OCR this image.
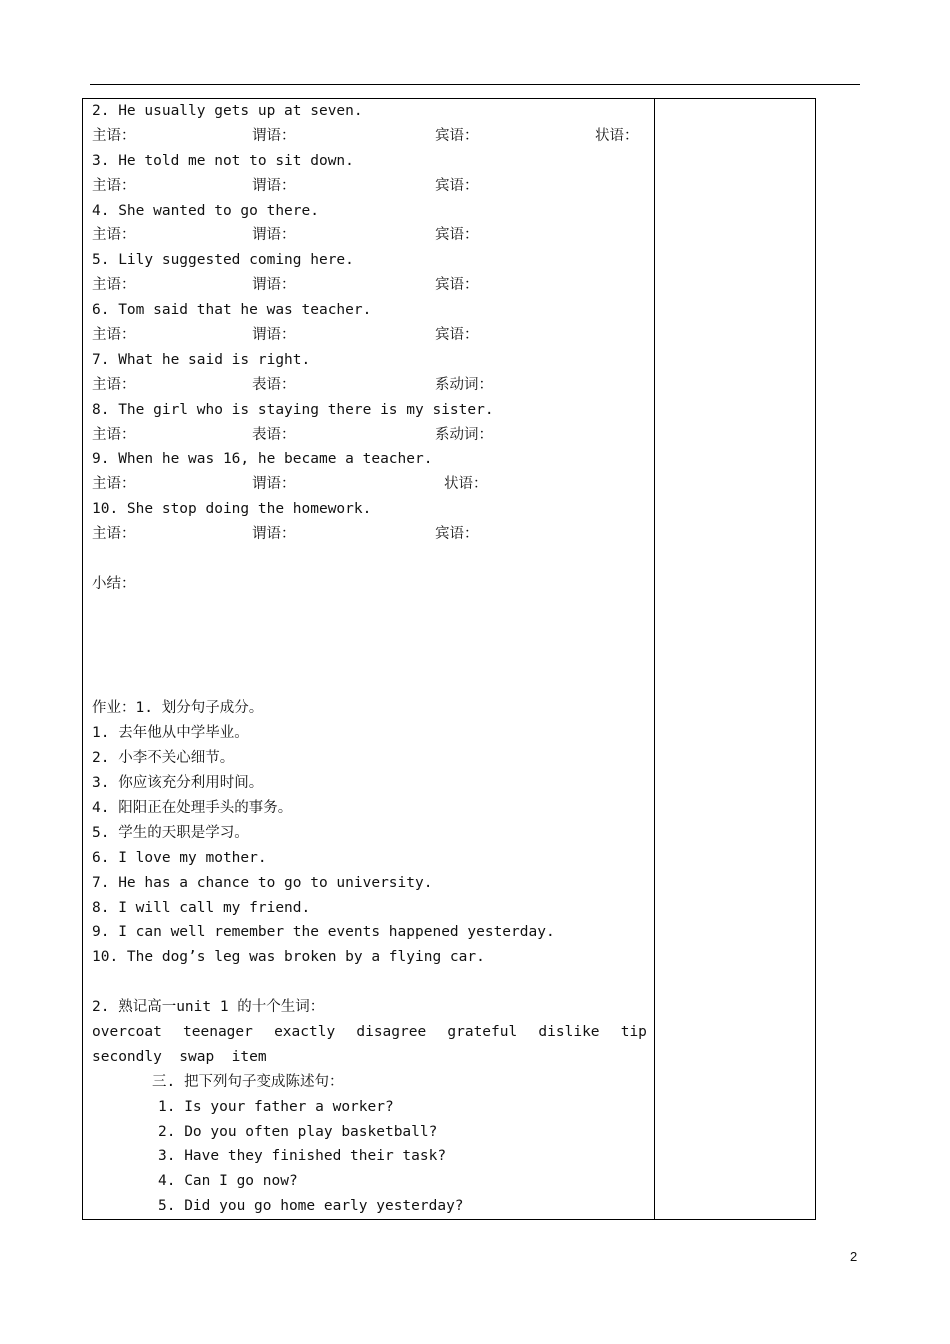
2. He usually gets up at seven.
主语：	谓语：	宾语：	状语：
3. He told me not to sit down.
主语：	谓语：	宾语：
4. She wanted to go there.
主语：	谓语：	宾语：
5. Lily suggested coming here.
主语：	谓语：	宾语：
6. Tom said that he was teacher.
主语：	谓语：	宾语：
7. What he said is right.
主语：	表语：	系动词：
8. The girl who is staying there is my sister.
主语：	表语：	系动词：
9. When he was 16, he became a teacher.
主语：	谓语：	状语：
10. She stop doing the homework.
主语：	谓语：	宾语：
小结：
作业：1. 划分句子成分。
1. 去年他从中学毕业。
2. 小李不关心细节。
3. 你应该充分利用时间。
4. 阳阳正在处理手头的事务。
5. 学生的天职是学习。
6. I love my mother.
7. He has a chance to go to university.
8. I will call my friend.
9. I can well remember the events happened yesterday.
10. The dog’s leg was broken by a flying car.
2. 熟记高一unit 1 的十个生词：
overcoat teenager exactly disagree grateful dislike tip
secondly  swap  item
三. 把下列句子变成陈述句：
1. Is your father a worker?
2. Do you often play basketball?
3. Have they finished their task?
4. Can I go now?
5. Did you go home early yesterday?
2
